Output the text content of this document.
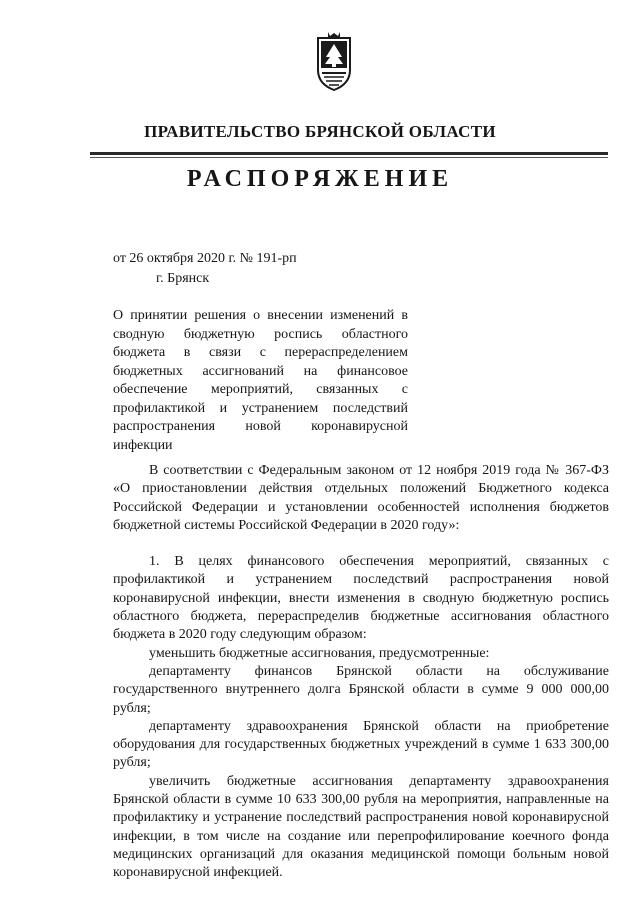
ПРАВИТЕЛЬСТВО БРЯНСКОЙ ОБЛАСТИ
РАСПОРЯЖЕНИЕ
от 26 октября 2020 г. № 191-рп
г. Брянск
О принятии решения о внесении изменений в сводную бюджетную роспись областного бюджета в связи с перераспределением бюджетных ассигнований на финансовое обеспечение мероприятий, связанных с профилактикой и устранением последствий распространения новой коронавирусной инфекции

В соответствии с Федеральным законом от 12 ноября 2019 года № 367-ФЗ «О приостановлении действия отдельных положений Бюджетного кодекса Российской Федерации и установлении особенностей исполнения бюджетов бюджетной системы Российской Федерации в 2020 году»:

1. В целях финансового обеспечения мероприятий, связанных с профилактикой и устранением последствий распространения новой коронавирусной инфекции, внести изменения в сводную бюджетную роспись областного бюджета, перераспределив бюджетные ассигнования областного бюджета в 2020 году следующим образом:

уменьшить бюджетные ассигнования, предусмотренные:

департаменту финансов Брянской области на обслуживание государственного внутреннего долга Брянской области в сумме 9 000 000,00 рубля;

департаменту здравоохранения Брянской области на приобретение оборудования для государственных бюджетных учреждений в сумме 1 633 300,00 рубля;

увеличить бюджетные ассигнования департаменту здравоохранения Брянской области в сумме 10 633 300,00 рубля на мероприятия, направленные на профилактику и устранение последствий распространения новой коронавирусной инфекции, в том числе на создание или перепрофилирование коечного фонда медицинских организаций для оказания медицинской помощи больным новой коронавирусной инфекцией.
